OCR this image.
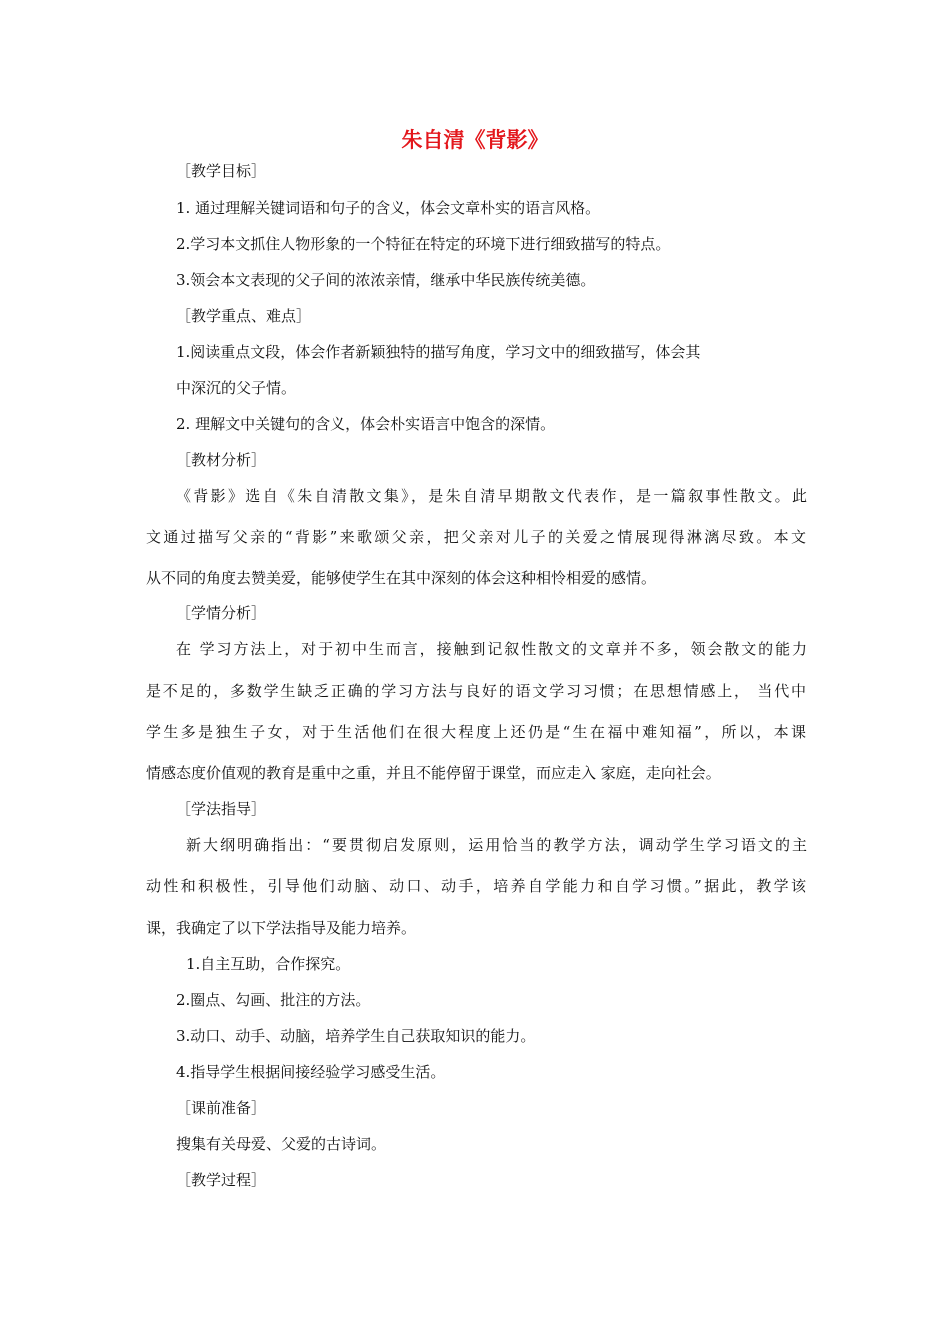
朱自清《背影》
［教学目标］
1. 通过理解关键词语和句子的含义，体会文章朴实的语言风格。
2.学习本文抓住人物形象的一个特征在特定的环境下进行细致描写的特点。
3.领会本文表现的父子间的浓浓亲情，继承中华民族传统美德。
［教学重点、难点］
1.阅读重点文段，体会作者新颖独特的描写角度，学习文中的细致描写，体会其
中深沉的父子情。
2. 理解文中关键句的含义，体会朴实语言中饱含的深情。
［教材分析］
《背影》选自《朱自清散文集》，是朱自清早期散文代表作，是一篇叙事性散文。此
文通过描写父亲的“背影”来歌颂父亲，把父亲对儿子的关爱之情展现得淋漓尽致。本文
从不同的角度去赞美爱，能够使学生在其中深刻的体会这种相怜相爱的感情。
［学情分析］
在 学习方法上，对于初中生而言，接触到记叙性散文的文章并不多，领会散文的能力
是不足的，多数学生缺乏正确的学习方法与良好的语文学习习惯；在思想情感上， 当代中
学生多是独生子女，对于生活他们在很大程度上还仍是“生在福中难知福”，所以，本课
情感态度价值观的教育是重中之重，并且不能停留于课堂，而应走入 家庭，走向社会。
［学法指导］
新大纲明确指出：“要贯彻启发原则，运用恰当的教学方法，调动学生学习语文的主
动性和积极性，引导他们动脑、动口、动手，培养自学能力和自学习惯。”据此，教学该
课，我确定了以下学法指导及能力培养。
1.自主互助，合作探究。
2.圈点、勾画、批注的方法。
3.动口、动手、动脑，培养学生自己获取知识的能力。
4.指导学生根据间接经验学习感受生活。
［课前准备］
搜集有关母爱、父爱的古诗词。
［教学过程］
